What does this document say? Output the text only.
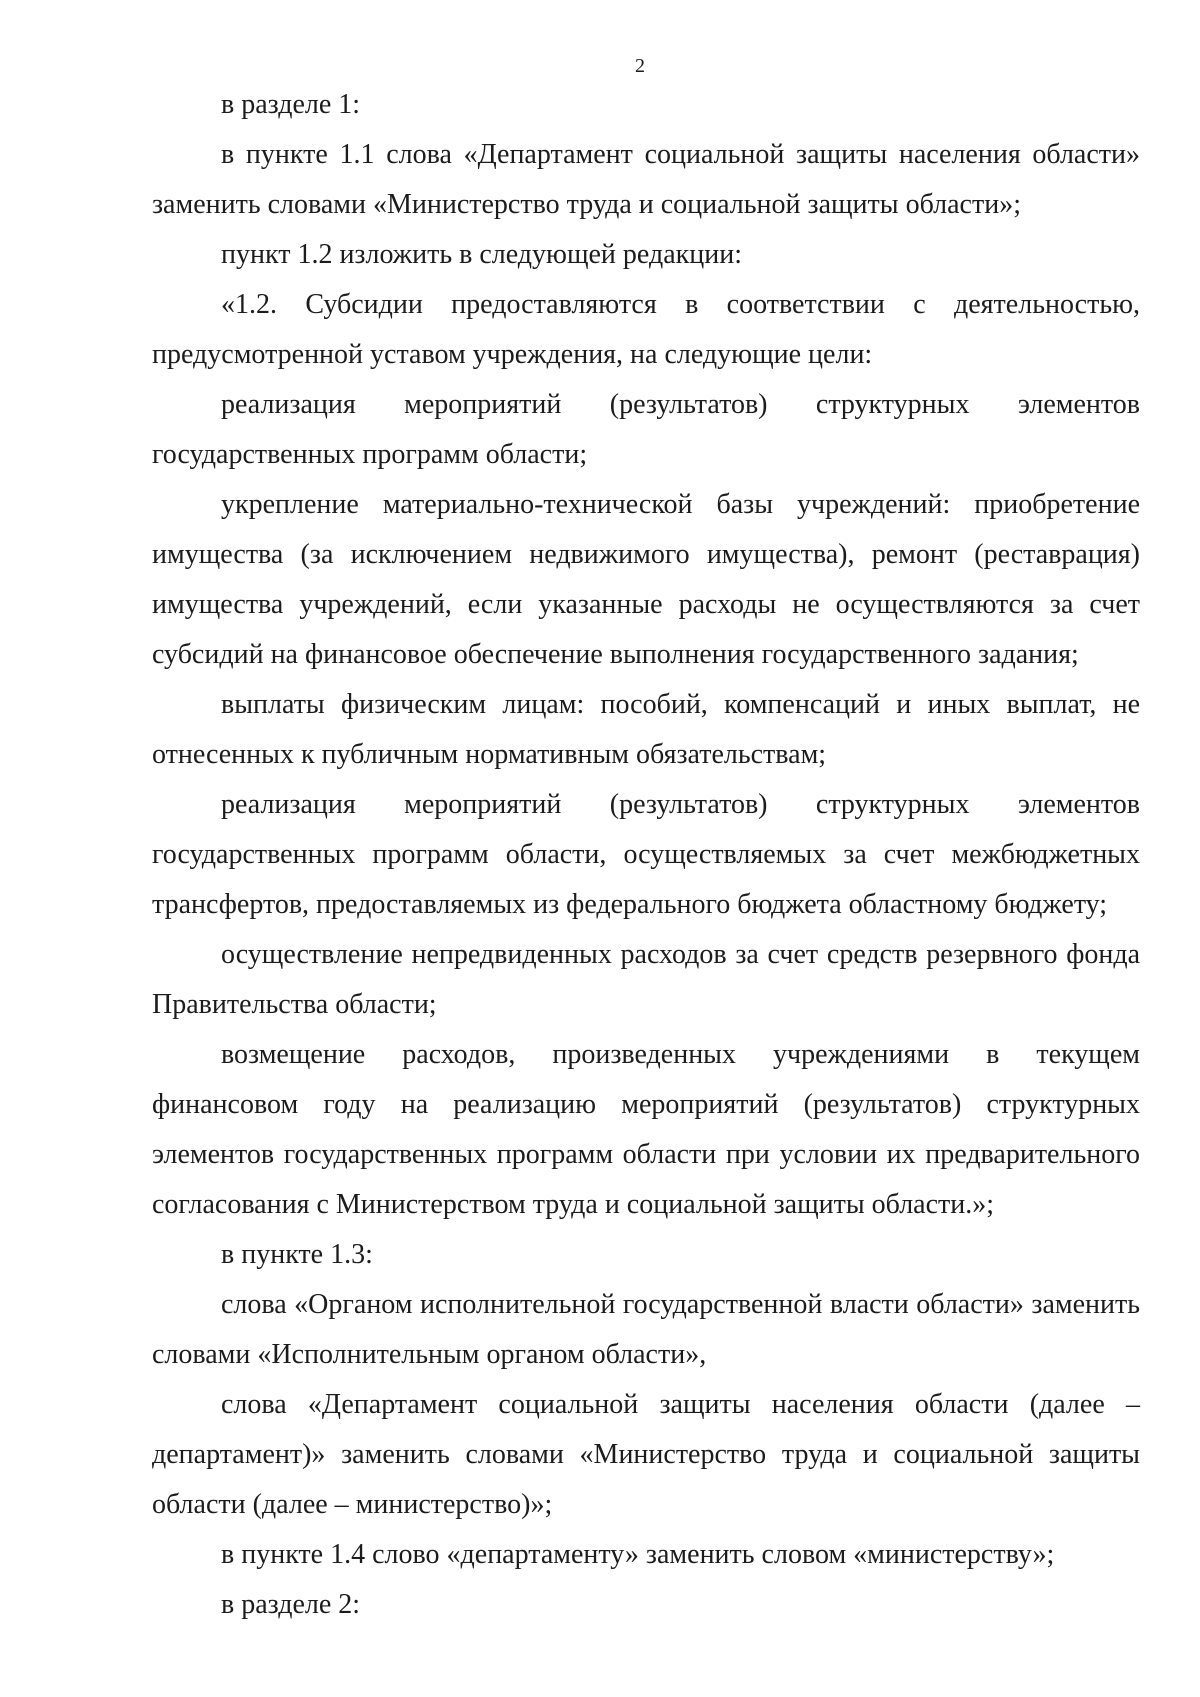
2

в разделе 1:

в пункте 1.1 слова «Департамент социальной защиты населения области» заменить словами «Министерство труда и социальной защиты области»;

пункт 1.2 изложить в следующей редакции:

«1.2. Субсидии предоставляются в соответствии с деятельностью, предусмотренной уставом учреждения, на следующие цели:

реализация мероприятий (результатов) структурных элементов государственных программ области;

укрепление материально-технической базы учреждений: приобретение имущества (за исключением недвижимого имущества), ремонт (реставрация) имущества учреждений, если указанные расходы не осуществляются за счет субсидий на финансовое обеспечение выполнения государственного задания;

выплаты физическим лицам: пособий, компенсаций и иных выплат, не отнесенных к публичным нормативным обязательствам;

реализация мероприятий (результатов) структурных элементов государственных программ области, осуществляемых за счет межбюджетных трансфертов, предоставляемых из федерального бюджета областному бюджету;

осуществление непредвиденных расходов за счет средств резервного фонда Правительства области;

возмещение расходов, произведенных учреждениями в текущем финансовом году на реализацию мероприятий (результатов) структурных элементов государственных программ области при условии их предварительного согласования с Министерством труда и социальной защиты области.»;

в пункте 1.3:

слова «Органом исполнительной государственной власти области» заменить словами «Исполнительным органом области»,

слова «Департамент социальной защиты населения области (далее – департамент)» заменить словами «Министерство труда и социальной защиты области (далее – министерство)»;

в пункте 1.4 слово «департаменту» заменить словом «министерству»;

в разделе 2:
